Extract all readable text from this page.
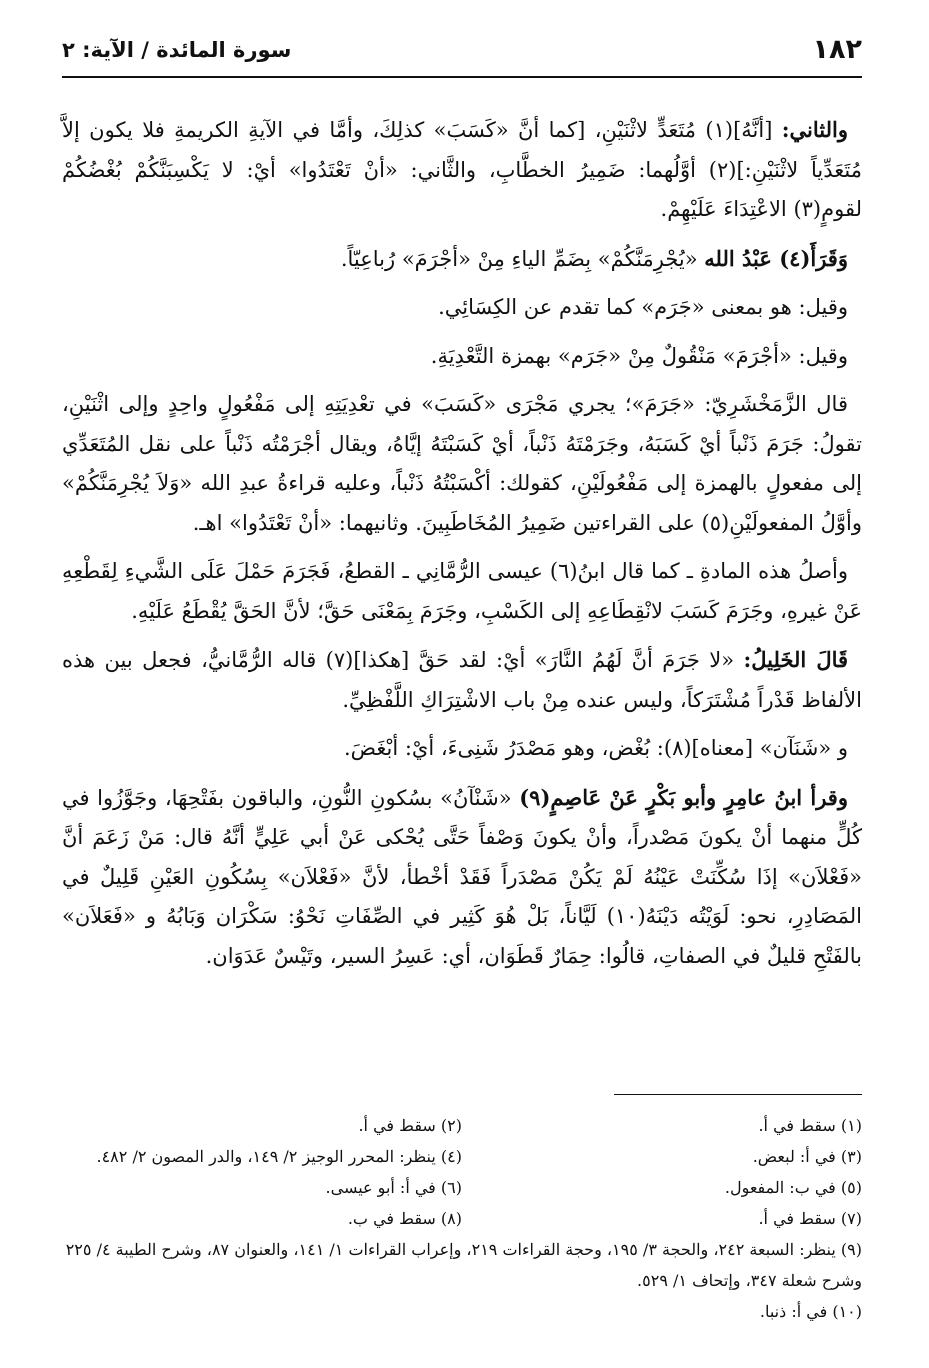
١٨٢
سورة المائدة / الآية: ٢

والثاني: [أنَّهُ](١) مُتَعَدٍّ لاثْنَيْنِ، [كما أنَّ «كَسَبَ» كذلِكَ، وأمَّا في الآيةِ الكريمةِ فلا يكون إلاَّ مُتَعَدِّياً لاثْنَيْنِ:](٢) أوَّلُهما: ضَمِيرُ الخطَّابِ، والثَّاني: «أنْ تَعْتَدُوا» أيْ: لا يَكْسِبَنَّكُمْ بُغْضُكُمْ لقومٍ(٣) الاعْتِدَاءَ عَلَيْهِمْ.

وَقَرَأَ(٤) عَبْدُ الله «يُجْرِمَنَّكُمْ» بِضَمِّ الياءِ مِنْ «أجْرَمَ» رُباعِيّاً.

وقيل: هو بمعنى «جَرَم» كما تقدم عن الكِسَائِي.

وقيل: «أجْرَمَ» مَنْقُولٌ مِنْ «جَرَم» بهمزة التَّعْدِيَةِ.

قال الزَّمَخْشَرِيّ: «جَرَمَ»؛ يجري مَجْرَى «كَسَبَ» في تعْدِيَتِهِ إلى مَفْعُولٍ واحِدٍ وإلى اثْنَيْنِ، تقولُ: جَرَمَ ذَنْباً أيْ كَسَبَهُ، وجَرَمْتَهُ ذَنْباً، أيْ كَسَبْتَهُ إيَّاهُ، ويقال أجْرَمْتُه ذَنْباً على نقل المُتَعَدِّي إلى مفعولٍ بالهمزة إلى مَفْعُولَيْنِ، كقولك: أكْسَبْتُهُ ذَنْباً، وعليه قراءةُ عبدِ الله «وَلاَ يُجْرِمَنَّكُمْ» وأوَّلُ المفعولَيْنِ(٥) على القراءتين ضَمِيرُ المُخَاطَبِينَ. وثانيهما: «أنْ تَعْتَدُوا» اهـ.

وأصلُ هذه المادةِ ـ كما قال ابنُ(٦) عيسى الرُّمَّانِي ـ القطعُ، فَجَرَمَ حَمْلَ عَلَى الشَّيءِ لِقَطْعِهِ عَنْ غيرهِ، وجَرَمَ كَسَبَ لانْقِطَاعِهِ إلى الكَسْبِ، وجَرَمَ بِمَعْنَى حَقَّ؛ لأنَّ الحَقَّ يُقْطَعُ عَلَيْهِ.

قَالَ الخَلِيلُ: «لا جَرَمَ أنَّ لَهُمُ النَّارَ» أيْ: لقد حَقَّ [هكذا](٧) قاله الرُّمَّانيُّ، فجعل بين هذه الألفاظ قَدْراً مُشْتَرَكاً، وليس عنده مِنْ باب الاشْتِرَاكِ اللَّفْظِيِّ.

و «شَنَآن» [معناه](٨): بُغْض، وهو مَصْدَرُ شَنِىءَ، أيْ: أبْغَضَ.

وقرأ ابنُ عامِرٍ وأبو بَكْرٍ عَنْ عَاصِمٍ(٩) «شَنْآنُ» بسُكونِ النُّونِ، والباقون بفَتْحِهَا، وجَوَّزُوا في كُلٍّ منهما أنْ يكونَ مَصْدراً، وأنْ يكونَ وَصْفاً حَتَّى يُحْكى عَنْ أبي عَلِيٍّ أنَّهُ قال: مَنْ زَعَمَ أنَّ «فَعْلاَن» إذَا سُكِّنَتْ عَيْنُهُ لَمْ يَكُنْ مَصْدَراً فَقَدْ أخْطأ، لأنَّ «فَعْلاَن» بِسُكُونِ العَيْنِ قَلِيلٌ في المَصَادِرِ، نحو: لَوَيْتُه دَيْنَهُ(١٠) لَيَّاناً، بَلْ هُوَ كَثِير في الصِّفَاتِ نَحْوُ: سَكْرَان وَبَابُهُ و «فَعَلاَن» بالفَتْحِ قليلٌ في الصفاتِ، قالُوا: حِمَارٌ قَطَوَان، أي: عَسِرُ السير، وتَيْسٌ عَدَوَان.

(١) سقط في أ.
(٢) سقط في أ.
(٣) في أ: لبعض.
(٤) ينظر: المحرر الوجيز ٢/ ١٤٩، والدر المصون ٢/ ٤٨٢.
(٥) في ب: المفعول.
(٦) في أ: أبو عيسى.
(٧) سقط في أ.
(٨) سقط في ب.
(٩) ينظر: السبعة ٢٤٢، والحجة ٣/ ١٩٥، وحجة القراءات ٢١٩، وإعراب القراءات ١/ ١٤١، والعنوان ٨٧، وشرح الطيبة ٤/ ٢٢٥ وشرح شعلة ٣٤٧، وإتحاف ١/ ٥٢٩.
(١٠) في أ: ذنبا.
